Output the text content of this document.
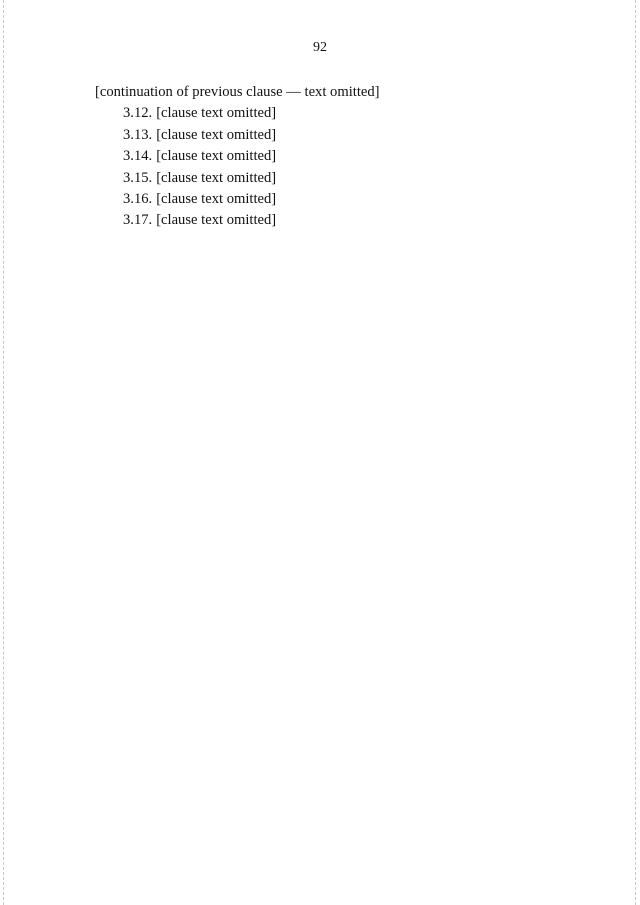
92

[continuation of previous clause — text omitted]

3.12. [clause text omitted]

3.13. [clause text omitted]

3.14. [clause text omitted]

3.15. [clause text omitted]

3.16. [clause text omitted]

3.17. [clause text omitted]
